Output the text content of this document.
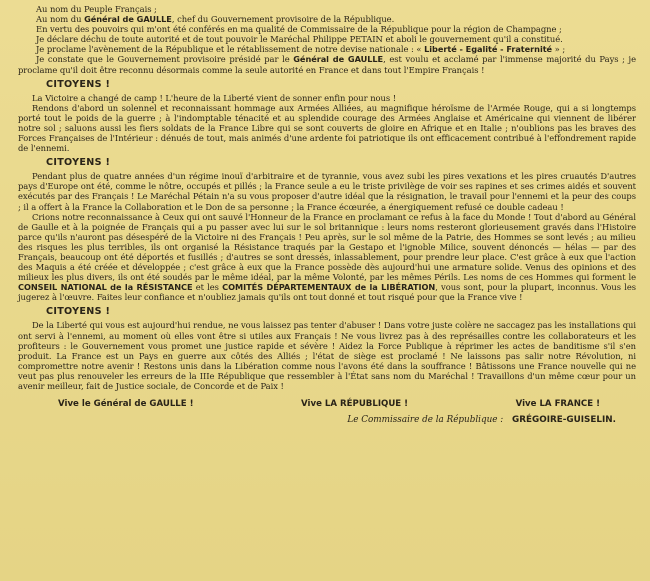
Au nom du Peuple Français ;

Au nom du Général de GAULLE, chef du Gouvernement provisoire de la République.

En vertu des pouvoirs qui m'ont été conférés en ma qualité de Commissaire de la République pour la région de Champagne ;

Je déclare déchu de toute autorité et de tout pouvoir le Maréchal Philippe PETAIN et aboli le gouvernement qu'il a constitué.

Je proclame l'avènement de la République et le rétablissement de notre devise nationale : « Liberté - Egalité - Fraternité » ;

Je constate que le Gouvernement provisoire présidé par le Général de GAULLE, est voulu et acclamé par l'immense majorité du Pays ; je proclame qu'il doit être reconnu désormais comme la seule autorité en France et dans tout l'Empire Français !

CITOYENS !

La Victoire a changé de camp ! L'heure de la Liberté vient de sonner enfin pour nous !

Rendons d'abord un solennel et reconnaissant hommage aux Armées Alliées, au magnifique héroïsme de l'Armée Rouge, qui a si longtemps porté tout le poids de la guerre ; à l'indomptable ténacité et au splendide courage des Armées Anglaise et Américaine qui viennent de libérer notre sol ; saluons aussi les fiers soldats de la France Libre qui se sont couverts de gloire en Afrique et en Italie ; n'oublions pas les braves des Forces Françaises de l'Intérieur : dénués de tout, mais animés d'une ardente foi patriotique ils ont efficacement contribué à l'effondrement rapide de l'ennemi.

CITOYENS !

Pendant plus de quatre années d'un régime inouï d'arbitraire et de tyrannie, vous avez subi les pires vexations et les pires cruautés D'autres pays d'Europe ont été, comme le nôtre, occupés et pillés ; la France seule a eu le triste privilège de voir ses rapines et ses crimes aidés et souvent exécutés par des Français ! Le Maréchal Pétain n'a su vous proposer d'autre idéal que la résignation, le travail pour l'ennemi et la peur des coups ; il a offert à la France la Collaboration et le Don de sa personne ; la France écœurée, a énergiquement refusé ce double cadeau !

Crions notre reconnaissance à Ceux qui ont sauvé l'Honneur de la France en proclamant ce refus à la face du Monde ! Tout d'abord au Général de Gaulle et à la poignée de Français qui a pu passer avec lui sur le sol britannique : leurs noms resteront glorieusement gravés dans l'Histoire parce qu'ils n'auront pas désespéré de la Victoire ni des Français ! Peu après, sur le sol même de la Patrie, des Hommes se sont levés ; au milieu des risques les plus terribles, ils ont organisé la Résistance traqués par la Gestapo et l'ignoble Milice, souvent dénoncés — hélas — par des Français, beaucoup ont été déportés et fusillés ; d'autres se sont dressés, inlassablement, pour prendre leur place. C'est grâce à eux que l'action des Maquis a été créée et développée ; c'est grâce à eux que la France possède dès aujourd'hui une armature solide. Venus des opinions et des milieux les plus divers, ils ont été soudés par le même idéal, par la même Volonté, par les mêmes Périls. Les noms de ces Hommes qui forment le CONSEIL NATIONAL de la RÉSISTANCE et les COMITÉS DÉPARTEMENTAUX de la LIBÉRATION, vous sont, pour la plupart, inconnus. Vous les jugerez à l'œuvre. Faites leur confiance et n'oubliez jamais qu'ils ont tout donné et tout risqué pour que la France vive !

CITOYENS !

De la Liberté qui vous est aujourd'hui rendue, ne vous laissez pas tenter d'abuser ! Dans votre juste colère ne saccagez pas les installations qui ont servi à l'ennemi, au moment où elles vont être si utiles aux Français ! Ne vous livrez pas à des représailles contre les collaborateurs et les profiteurs : le Gouvernement vous promet une justice rapide et sévère ! Aidez la Force Publique à réprimer les actes de banditisme s'il s'en produit. La France est un Pays en guerre aux côtés des Alliés ; l'état de siège est proclamé ! Ne laissons pas salir notre Révolution, ni compromettre notre avenir ! Restons unis dans la Libération comme nous l'avons été dans la souffrance ! Bâtissons une France nouvelle qui ne veut pas plus renouveler les erreurs de la IIIe République que ressembler à l'État sans nom du Maréchal ! Travaillons d'un même cœur pour un avenir meilleur, fait de Justice sociale, de Concorde et de Paix !

Vive le Général de GAULLE !	Vive LA RÉPUBLIQUE !	Vive LA FRANCE !
Le Commissaire de la République : GRÉGOIRE-GUISELIN.
